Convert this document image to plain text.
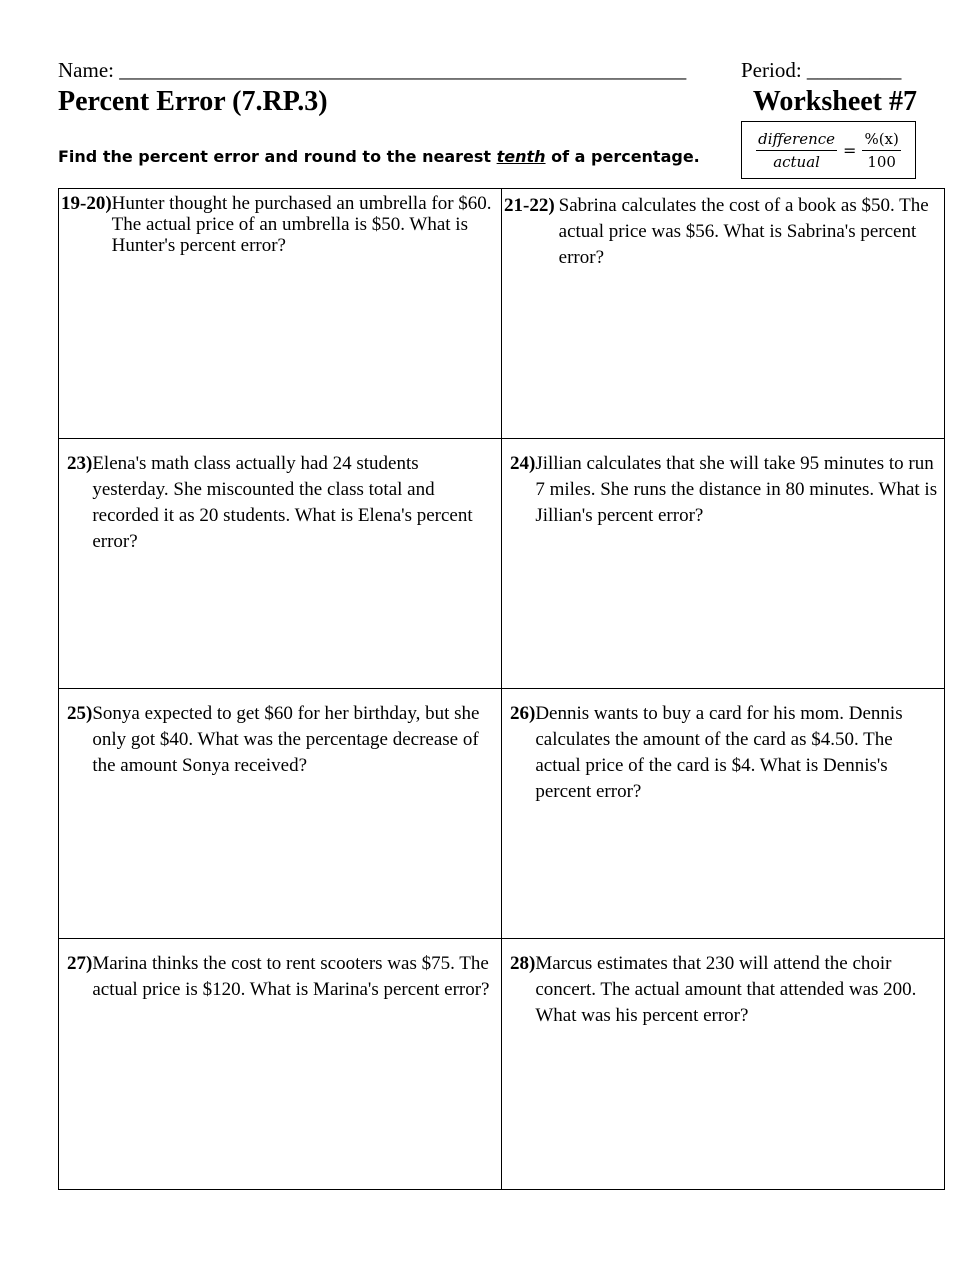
Name: ______________________________________________________	Period: _________
Percent Error (7.RP.3)	Worksheet #7
Find the percent error and round to the nearest tenth of a percentage.	$\frac{\text{difference}}{\text{actual}} = \frac{\%(x)}{100}$
19-20) Hunter thought he purchased an umbrella for $60. The actual price of an umbrella is $50. What is Hunter's percent error?
21-22) Sabrina calculates the cost of a book as $50. The actual price was $56. What is Sabrina's percent error?
23) Elena's math class actually had 24 students yesterday. She miscounted the class total and recorded it as 20 students. What is Elena's percent error?
24) Jillian calculates that she will take 95 minutes to run 7 miles. She runs the distance in 80 minutes. What is Jillian's percent error?
25) Sonya expected to get $60 for her birthday, but she only got $40. What was the percentage decrease of the amount Sonya received?
26) Dennis wants to buy a card for his mom. Dennis calculates the amount of the card as $4.50. The actual price of the card is $4. What is Dennis's percent error?
27) Marina thinks the cost to rent scooters was $75. The actual price is $120. What is Marina's percent error?
28) Marcus estimates that 230 will attend the choir concert. The actual amount that attended was 200. What was his percent error?
